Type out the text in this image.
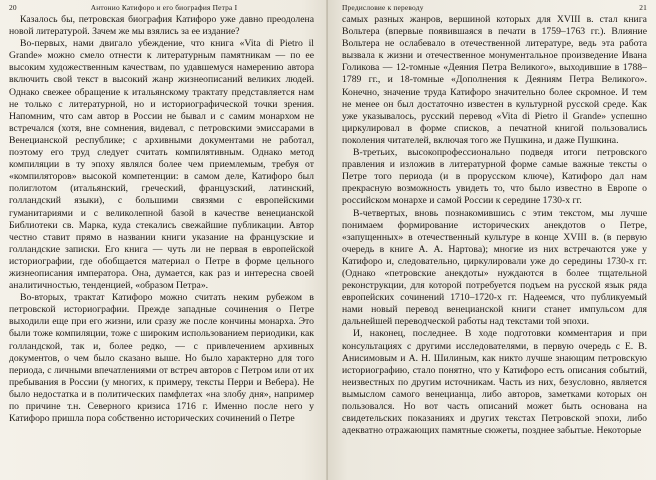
20	Антонио Катифоро и его биография Петра I

Казалось бы, петровская биография Катифоро уже давно преодолена новой литературой. Зачем же мы взялись за ее издание?

Во-первых, нами двигало убеждение, что книга «Vita di Pietro il Grande» можно смело отнести к литературным памятникам — по ее высоким художественным качествам, по удавшемуся намерению автора включить свой текст в высокий жанр жизнеописаний великих людей. Однако свежее обращение к итальянскому трактату представляется нам не только с литературной, но и историографической точки зрения. Напомним, что сам автор в России не бывал и с самим монархом не встречался (хотя, вне сомнения, видевал, с петровскими эмиссарами в Венецианской республике; с архивными документами не работал, поэтому его труд следует считать компилятивным. Однако метод компиляции в ту эпоху являлся более чем приемлемым, требуя от «компиляторов» высокой компетенции: в самом деле, Катифоро был полиглотом (итальянский, греческий, французский, латинский, голландский языки), с большими связями с европейскими гуманитариями и с великолепной базой в качестве венецианской Библиотеки св. Марка, куда стекались свежайшие публикации. Автор честно ставит прямо в названии книги указание на французские и голландские записки. Его книга — чуть ли не первая в европейской историографии, где обобщается материал о Петре в форме цельного жизнеописания императора. Она, думается, как раз и интересна своей аналитичностью, тенденцией, «образом Петра».

Во-вторых, трактат Катифоро можно считать неким рубежом в петровской историографии. Прежде западные сочинения о Петре выходили еще при его жизни, или сразу же после кончины монарха. Это были тоже компиляции, тоже с широким использованием периодики, как голландской, так и, более редко, — с привлечением архивных документов, о чем было сказано выше. Но было характерно для того периода, с личными впечатлениями от встреч авторов с Петром или от их пребывания в России (у многих, к примеру, тексты Перри и Вебера). Не было недостатка и в политических памфлетах «на злобу дня», например по причине т.н. Северного кризиса 1716 г. Именно после него у Катифоро пришла пора собственно исторических сочинений о Петре

Предисловие к переводу	21

самых разных жанров, вершиной которых для XVIII в. стал книга Вольтера (впервые появившаяся в печати в 1759–1763 гг.). Влияние Вольтера не ослабевало в отечественной литературе, ведь эта работа вызвала к жизни и отечественное монументальное произведение Ивана Голикова — 12-томные «Деяния Петра Великого», выходившие в 1788–1789 гг., и 18-томные «Дополнения к Деяниям Петра Великого». Конечно, значение труда Катифоро значительно более скромное. И тем не менее он был достаточно известен в культурной русской среде. Как уже указывалось, русский перевод «Vita di Pietro il Grande» успешно циркулировал в форме списков, а печатной книгой пользовались поколения читателей, включая того же Пушкина, и даже Пушкина.

В-третьих, высокопрофессионально подведя итоги петровского правления и изложив в литературной форме самые важные тексты о Петре того периода (и в прорусском ключе), Катифоро дал нам прекрасную возможность увидеть то, что было известно в Европе о российском монархе и самой России к середине 1730-х гг.

В-четвертых, вновь познакомившись с этим текстом, мы лучше понимаем формирование исторических анекдотов о Петре, «запущенных» в отечественный культуре в конце XVIII в. (в первую очередь в книге А. А. Нартова); многие из них встречаются уже у Катифоро и, следовательно, циркулировали уже до середины 1730-х гг. (Однако «петровские анекдоты» нуждаются в более тщательной реконструкции, для которой потребуется подъем на русской язык ряда европейских сочинений 1710–1720-х гг. Надеемся, что публикуемый нами новый перевод венецианской книги станет импульсом для дальнейшей переводческой работы над текстами той эпохи.

И, наконец, последнее. В ходе подготовки комментария и при консультациях с другими исследователями, в первую очередь с Е. В. Анисимовым и А. Н. Шилиным, как никто лучше знающим петровскую историографию, стало понятно, что у Катифоро есть описания событий, неизвестных по другим источникам. Часть из них, безусловно, является вымыслом самого венецианца, либо авторов, заметками которых он пользовался. Но вот часть описаний может быть основана на свидетельских показаниях и других текстах Петровской эпохи, либо адекватно отражающих памятные сюжеты, позднее забытые. Некоторые
